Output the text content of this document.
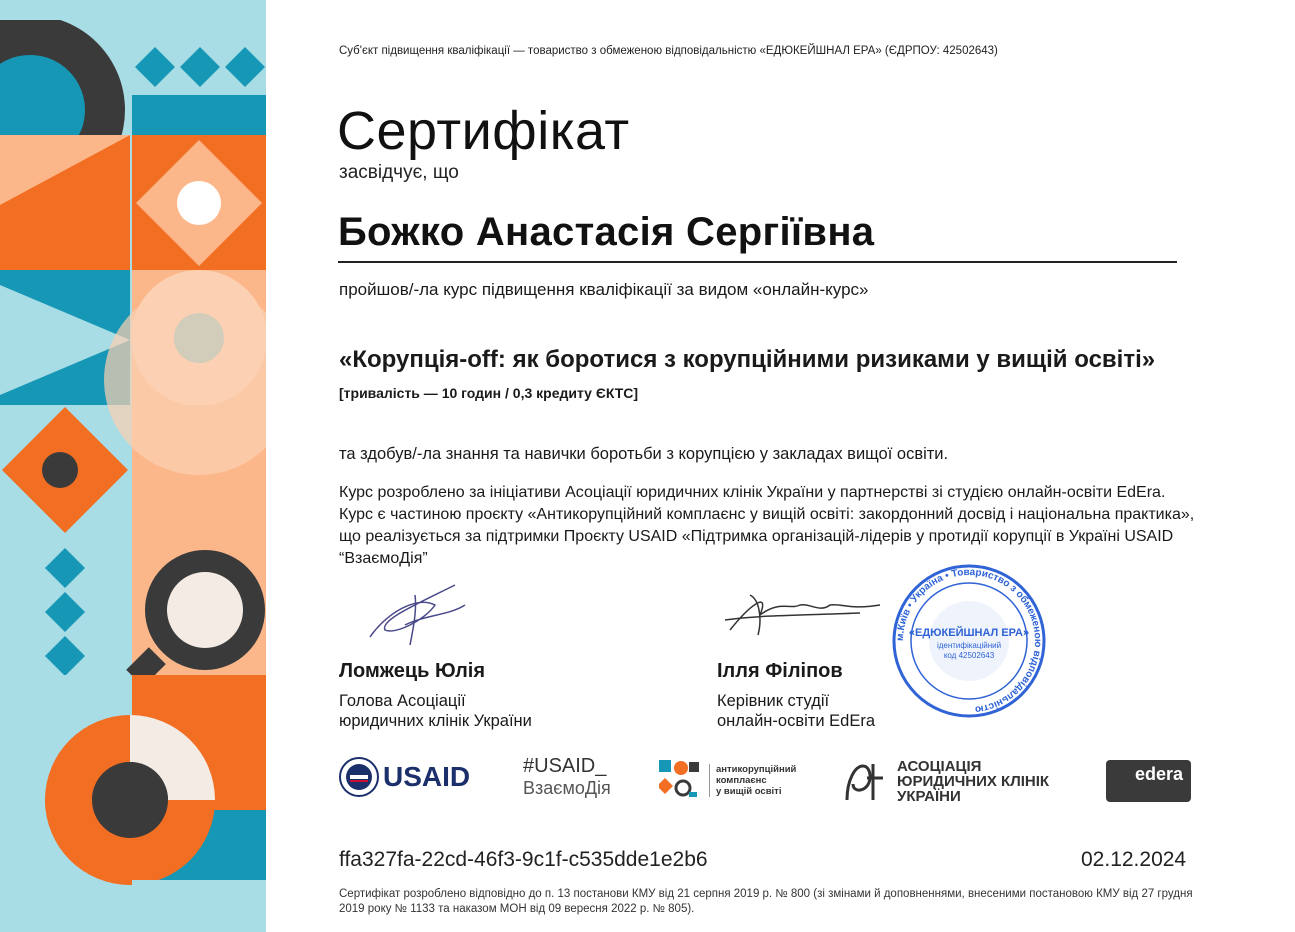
Суб'єкт підвищення кваліфікації — товариство з обмеженою відповідальністю «ЕДЮКЕЙШНАЛ ЕРА» (ЄДРПОУ: 42502643)

Сертифікат

засвідчує, що

Божко Анастасія Сергіївна

пройшов/-ла курс підвищення кваліфікації за видом «онлайн-курс»

«Корупція-off: як боротися з корупційними ризиками у вищій освіті»

[тривалість — 10 годин / 0,3 кредиту ЄКТС]

та здобув/-ла знання та навички боротьби з корупцією у закладах вищої освіти.

Курс розроблено за ініціативи Асоціації юридичних клінік України у партнерстві зі студією онлайн-освіти EdEra. Курс є частиною проєкту «Антикорупційний комплаєнс у вищій освіті: закордонний досвід і національна практика», що реалізується за підтримки Проєкту USAID «Підтримка організацій-лідерів у протидії корупції в Україні USAID “ВзаємоДія”

Ломжець Юлія
Голова Асоціації
юридичних клінік України
Ілля Філіпов
Керівник студії
онлайн-освіти EdEra
м.Київ • Україна • Товариство з обмеженою відповідальністю
«ЕДЮКЕЙШНАЛ ЕРА»
ідентифікаційний
код 42502643
USAID	#USAID_
ВзаємоДія
антикорупційний
комплаєнс
у вищій освіті
АСОЦІАЦІЯ
ЮРИДИЧНИХ КЛІНІК
УКРАЇНИ
edera

ffa327fa-22cd-46f3-9c1f-c535dde1e2b6	02.12.2024

Сертифікат розроблено відповідно до п. 13 постанови КМУ від 21 серпня 2019 р. № 800 (зі змінами й доповненнями, внесеними постановою КМУ від 27 грудня 2019 року № 1133 та наказом МОН від 09 вересня 2022 р. № 805).
